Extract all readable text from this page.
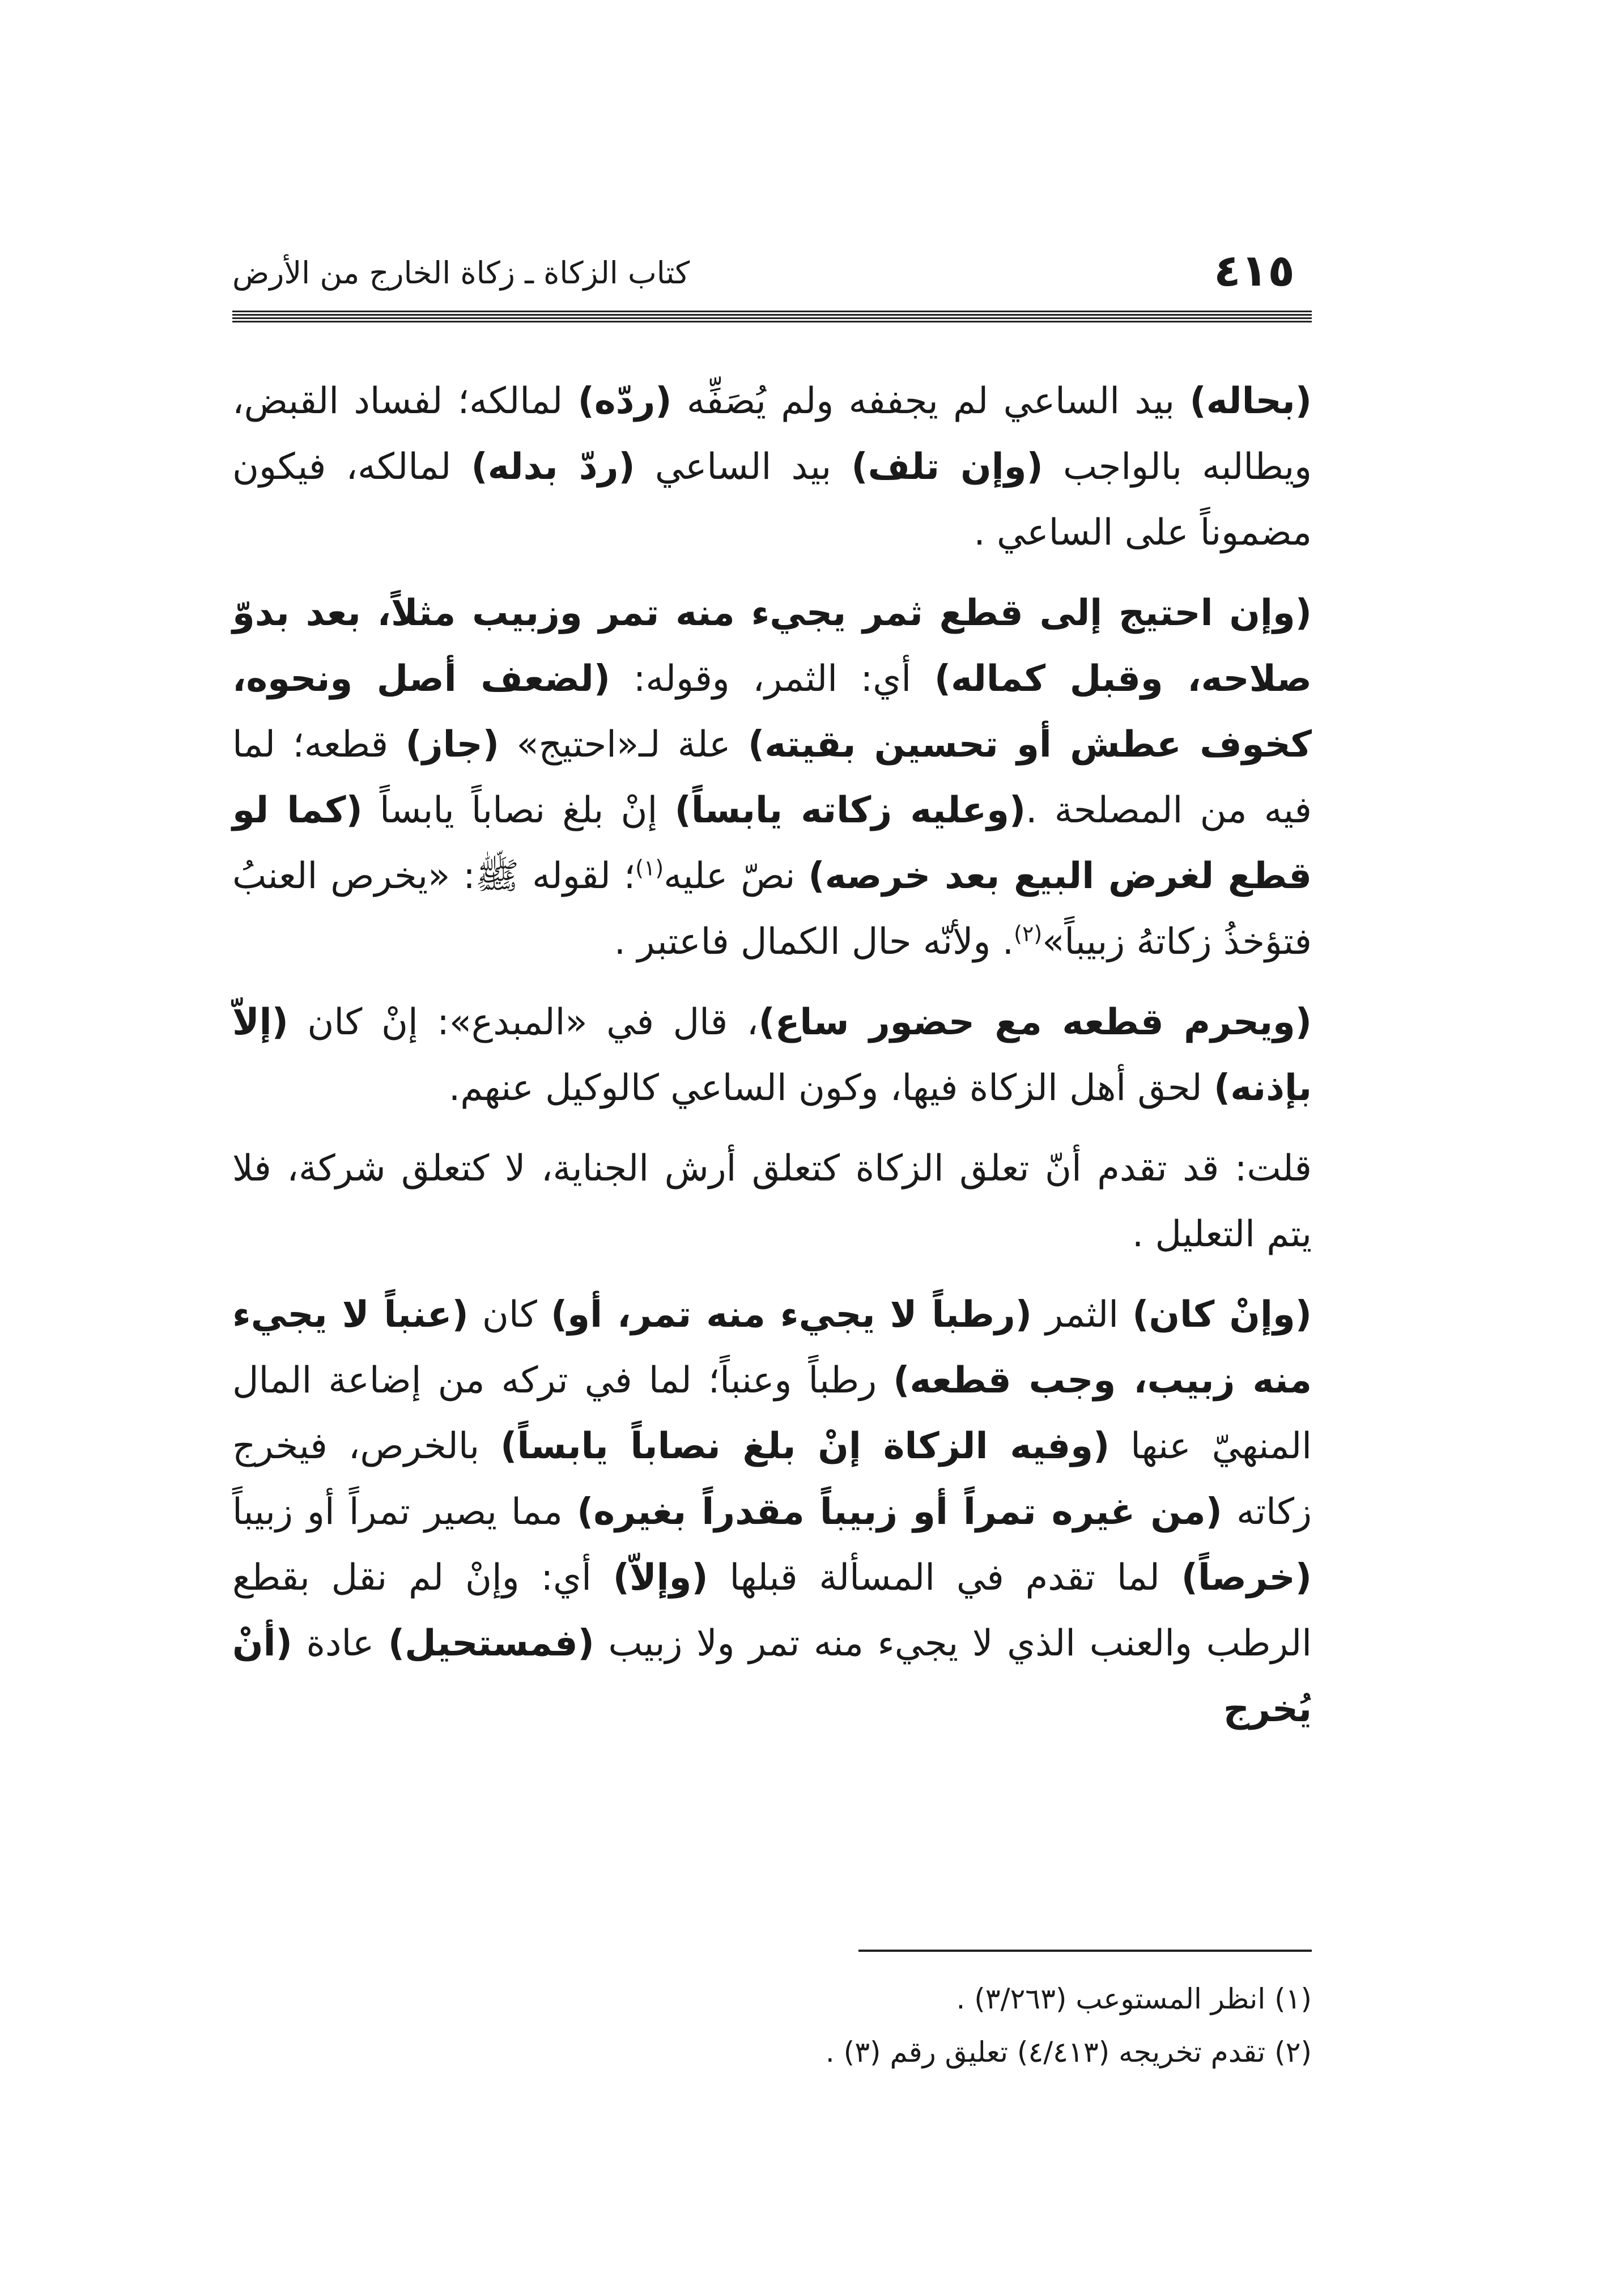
٤١٥
كتاب الزكاة ـ زكاة الخارج من الأرض

(بحاله) بيد الساعي لم يجففه ولم يُصَفِّه (ردّه) لمالكه؛ لفساد القبض، ويطالبه بالواجب (وإن تلف) بيد الساعي (ردّ بدله) لمالكه، فيكون مضموناً على الساعي .

(وإن احتيج إلى قطع ثمر يجيء منه تمر وزبيب مثلاً، بعد بدوّ صلاحه، وقبل كماله) أي: الثمر، وقوله: (لضعف أصل ونحوه، كخوف عطش أو تحسين بقيته) علة لـ«احتيج» (جاز) قطعه؛ لما فيه من المصلحة .(وعليه زكاته يابساً) إنْ بلغ نصاباً يابساً (كما لو قطع لغرض البيع بعد خرصه) نصّ عليه$^{(١)}$؛ لقوله ﷺ: «يخرص العنبُ فتؤخذُ زكاتهُ زبيباً»$^{(٢)}$. ولأنّه حال الكمال فاعتبر .

(ويحرم قطعه مع حضور ساع)، قال في «المبدع»: إنْ كان (إلاّ بإذنه) لحق أهل الزكاة فيها، وكون الساعي كالوكيل عنهم.

قلت: قد تقدم أنّ تعلق الزكاة كتعلق أرش الجناية، لا كتعلق شركة، فلا يتم التعليل .

(وإنْ كان) الثمر (رطباً لا يجيء منه تمر، أو) كان (عنباً لا يجيء منه زبيب، وجب قطعه) رطباً وعنباً؛ لما في تركه من إضاعة المال المنهيّ عنها (وفيه الزكاة إنْ بلغ نصاباً يابساً) بالخرص، فيخرج زكاته (من غيره تمراً أو زبيباً مقدراً بغيره) مما يصير تمراً أو زبيباً (خرصاً) لما تقدم في المسألة قبلها (وإلاّ) أي: وإنْ لم نقل بقطع الرطب والعنب الذي لا يجيء منه تمر ولا زبيب (فمستحيل) عادة (أنْ يُخرج

(١) انظر المستوعب (٣/٢٦٣) .

(٢) تقدم تخريجه (٤/٤١٣) تعليق رقم (٣) .
